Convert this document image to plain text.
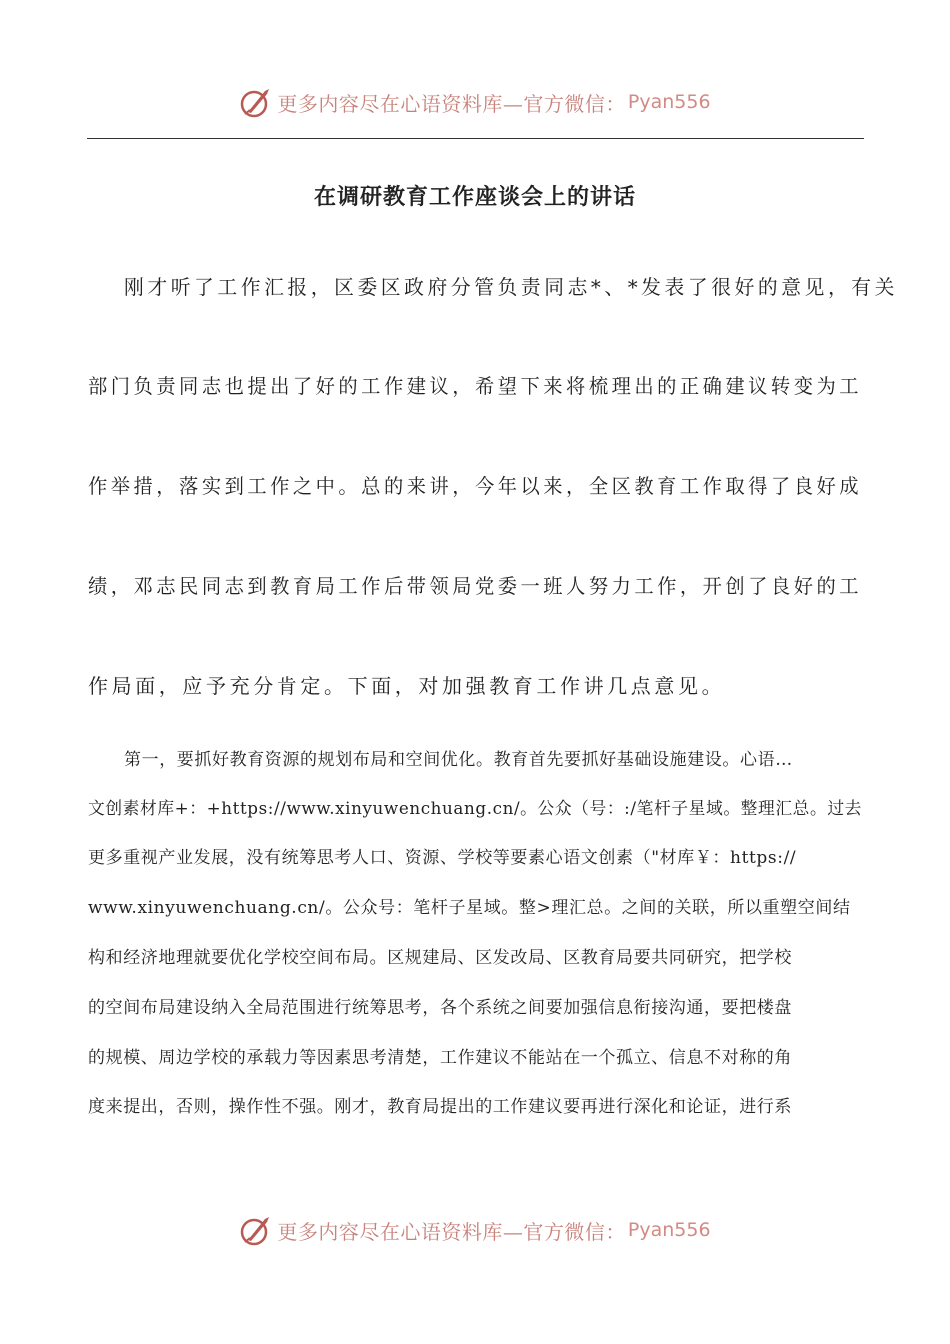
更多内容尽在心语资料库—官方微信： Pyan556
在调研教育工作座谈会上的讲话
刚才听了工作汇报，区委区政府分管负责同志*、*发表了很好的意见，有关
部门负责同志也提出了好的工作建议，希望下来将梳理出的正确建议转变为工
作举措，落实到工作之中。总的来讲，今年以来，全区教育工作取得了良好成
绩，邓志民同志到教育局工作后带领局党委一班人努力工作，开创了良好的工
作局面，应予充分肯定。下面，对加强教育工作讲几点意见。
第一，要抓好教育资源的规划布局和空间优化。教育首先要抓好基础设施建设。心语…
文创素材库+：+https://www.xinyuwenchuang.cn/。公众（号：:/笔杆子星域。整理汇总。过去
更多重视产业发展，没有统筹思考人口、资源、学校等要素心语文创素（"材库￥：https://
www.xinyuwenchuang.cn/。公众号：笔杆子星域。整>理汇总。之间的关联，所以重塑空间结
构和经济地理就要优化学校空间布局。区规建局、区发改局、区教育局要共同研究，把学校
的空间布局建设纳入全局范围进行统筹思考，各个系统之间要加强信息衔接沟通，要把楼盘
的规模、周边学校的承载力等因素思考清楚，工作建议不能站在一个孤立、信息不对称的角
度来提出，否则，操作性不强。刚才，教育局提出的工作建议要再进行深化和论证，进行系
更多内容尽在心语资料库—官方微信： Pyan556
